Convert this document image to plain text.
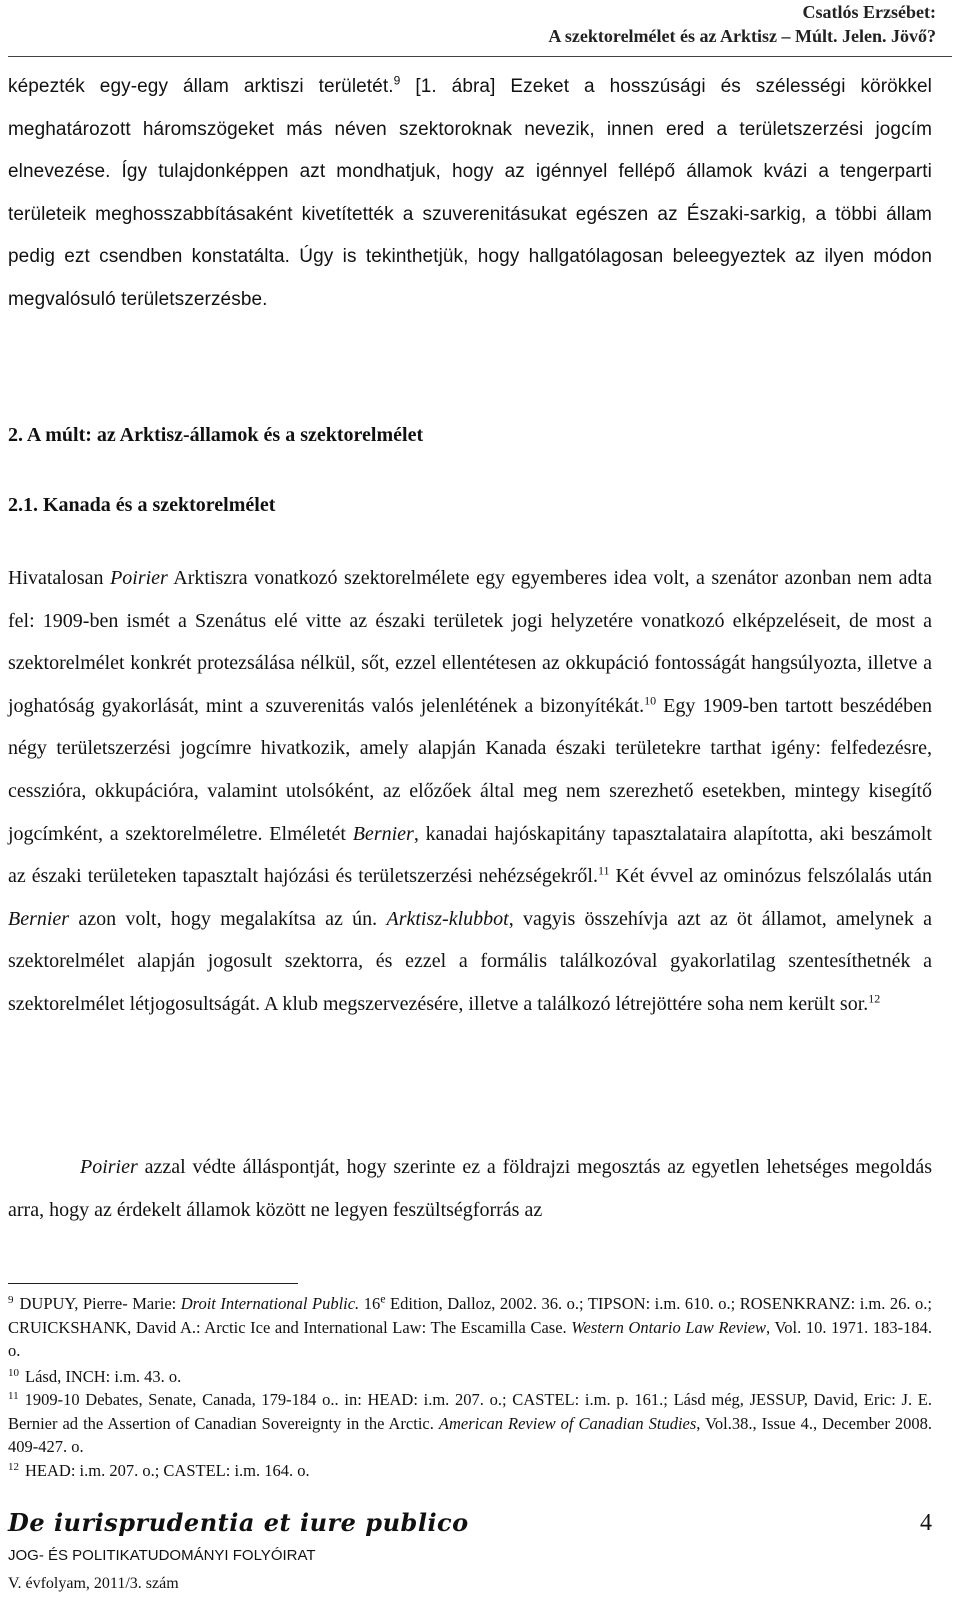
Csatlós Erzsébet:
A szektorelmélet és az Arktisz – Múlt. Jelen. Jövő?

képezték egy-egy állam arktiszi területét.$^9$ [1. ábra] Ezeket a hosszúsági és szélességi körökkel meghatározott háromszögeket más néven szektoroknak nevezik, innen ered a területszerzési jogcím elnevezése. Így tulajdonképpen azt mondhatjuk, hogy az igénnyel fellépő államok kvázi a tengerparti területeik meghosszabbításaként kivetítették a szuverenitásukat egészen az Északi-sarkig, a többi állam pedig ezt csendben konstatálta. Úgy is tekinthetjük, hogy hallgatólagosan beleegyeztek az ilyen módon megvalósuló területszerzésbe.

2. A múlt: az Arktisz-államok és a szektorelmélet
2.1. Kanada és a szektorelmélet

Hivatalosan Poirier Arktiszra vonatkozó szektorelmélete egy egyemberes idea volt, a szenátor azonban nem adta fel: 1909-ben ismét a Szenátus elé vitte az északi területek jogi helyzetére vonatkozó elképzeléseit, de most a szektorelmélet konkrét protezsálása nélkül, sőt, ezzel ellentétesen az okkupáció fontosságát hangsúlyozta, illetve a joghatóság gyakorlását, mint a szuverenitás valós jelenlétének a bizonyítékát.$^{10}$ Egy 1909-ben tartott beszédében négy területszerzési jogcímre hivatkozik, amely alapján Kanada északi területekre tarthat igény: felfedezésre, cesszióra, okkupációra, valamint utolsóként, az előzőek által meg nem szerezhető esetekben, mintegy kisegítő jogcímként, a szektorelméletre. Elméletét Bernier, kanadai hajóskapitány tapasztalataira alapította, aki beszámolt az északi területeken tapasztalt hajózási és területszerzési nehézségekről.$^{11}$ Két évvel az ominózus felszólalás után Bernier azon volt, hogy megalakítsa az ún. Arktisz-klubbot, vagyis összehívja azt az öt államot, amelynek a szektorelmélet alapján jogosult szektorra, és ezzel a formális találkozóval gyakorlatilag szentesíthetnék a szektorelmélet létjogosultságát. A klub megszervezésére, illetve a találkozó létrejöttére soha nem került sor.$^{12}$

Poirier azzal védte álláspontját, hogy szerinte ez a földrajzi megosztás az egyetlen lehetséges megoldás arra, hogy az érdekelt államok között ne legyen feszültségforrás az

$^9$ DUPUY, Pierre- Marie: Droit International Public. 16e Edition, Dalloz, 2002. 36. o.; TIPSON: i.m. 610. o.; ROSENKRANZ: i.m. 26. o.; CRUICKSHANK, David A.: Arctic Ice and International Law: The Escamilla Case. Western Ontario Law Review, Vol. 10. 1971. 183-184. o.

$^{10}$ Lásd, INCH: i.m. 43. o.

$^{11}$ 1909-10 Debates, Senate, Canada, 179-184 o.. in: HEAD: i.m. 207. o.; CASTEL: i.m. p. 161.; Lásd még, JESSUP, David, Eric: J. E. Bernier ad the Assertion of Canadian Sovereignty in the Arctic. American Review of Canadian Studies, Vol.38., Issue 4., December 2008. 409-427. o.

$^{12}$ HEAD: i.m. 207. o.; CASTEL: i.m. 164. o.

De iurisprudentia et iure publico
JOG- ÉS POLITIKATUDOMÁNYI FOLYÓIRAT
V. évfolyam, 2011/3. szám
4
